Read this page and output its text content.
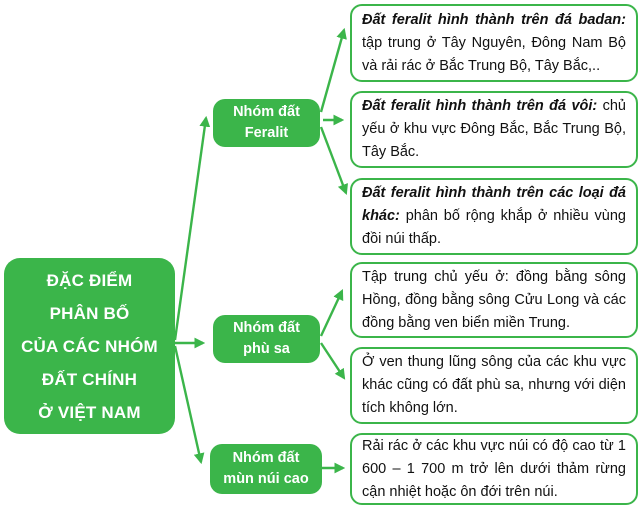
ĐẶC ĐIỂM
PHÂN BỐ
CỦA CÁC NHÓM
ĐẤT CHÍNH
Ở VIỆT NAM
Nhóm đất
Feralit
Nhóm đất
phù sa
Nhóm đất
mùn núi cao

Đất feralit hình thành trên đá badan: tập trung ở Tây Nguyên, Đông Nam Bộ và rải rác ở Bắc Trung Bộ, Tây Bắc,..

Đất feralit hình thành trên đá vôi: chủ yếu ở khu vực Đông Bắc, Bắc Trung Bộ, Tây Bắc.

Đất feralit hình thành trên các loại đá khác: phân bố rộng khắp ở nhiều vùng đồi núi thấp.

Tập trung chủ yếu ở: đồng bằng sông Hồng, đồng bằng sông Cửu Long và các đồng bằng ven biển miền Trung.

Ở ven thung lũng sông của các khu vực khác cũng có đất phù sa, nhưng với diện tích không lớn.

Rải rác ở các khu vực núi có độ cao từ 1 600 – 1 700 m trở lên dưới thảm rừng cận nhiệt hoặc ôn đới trên núi.
